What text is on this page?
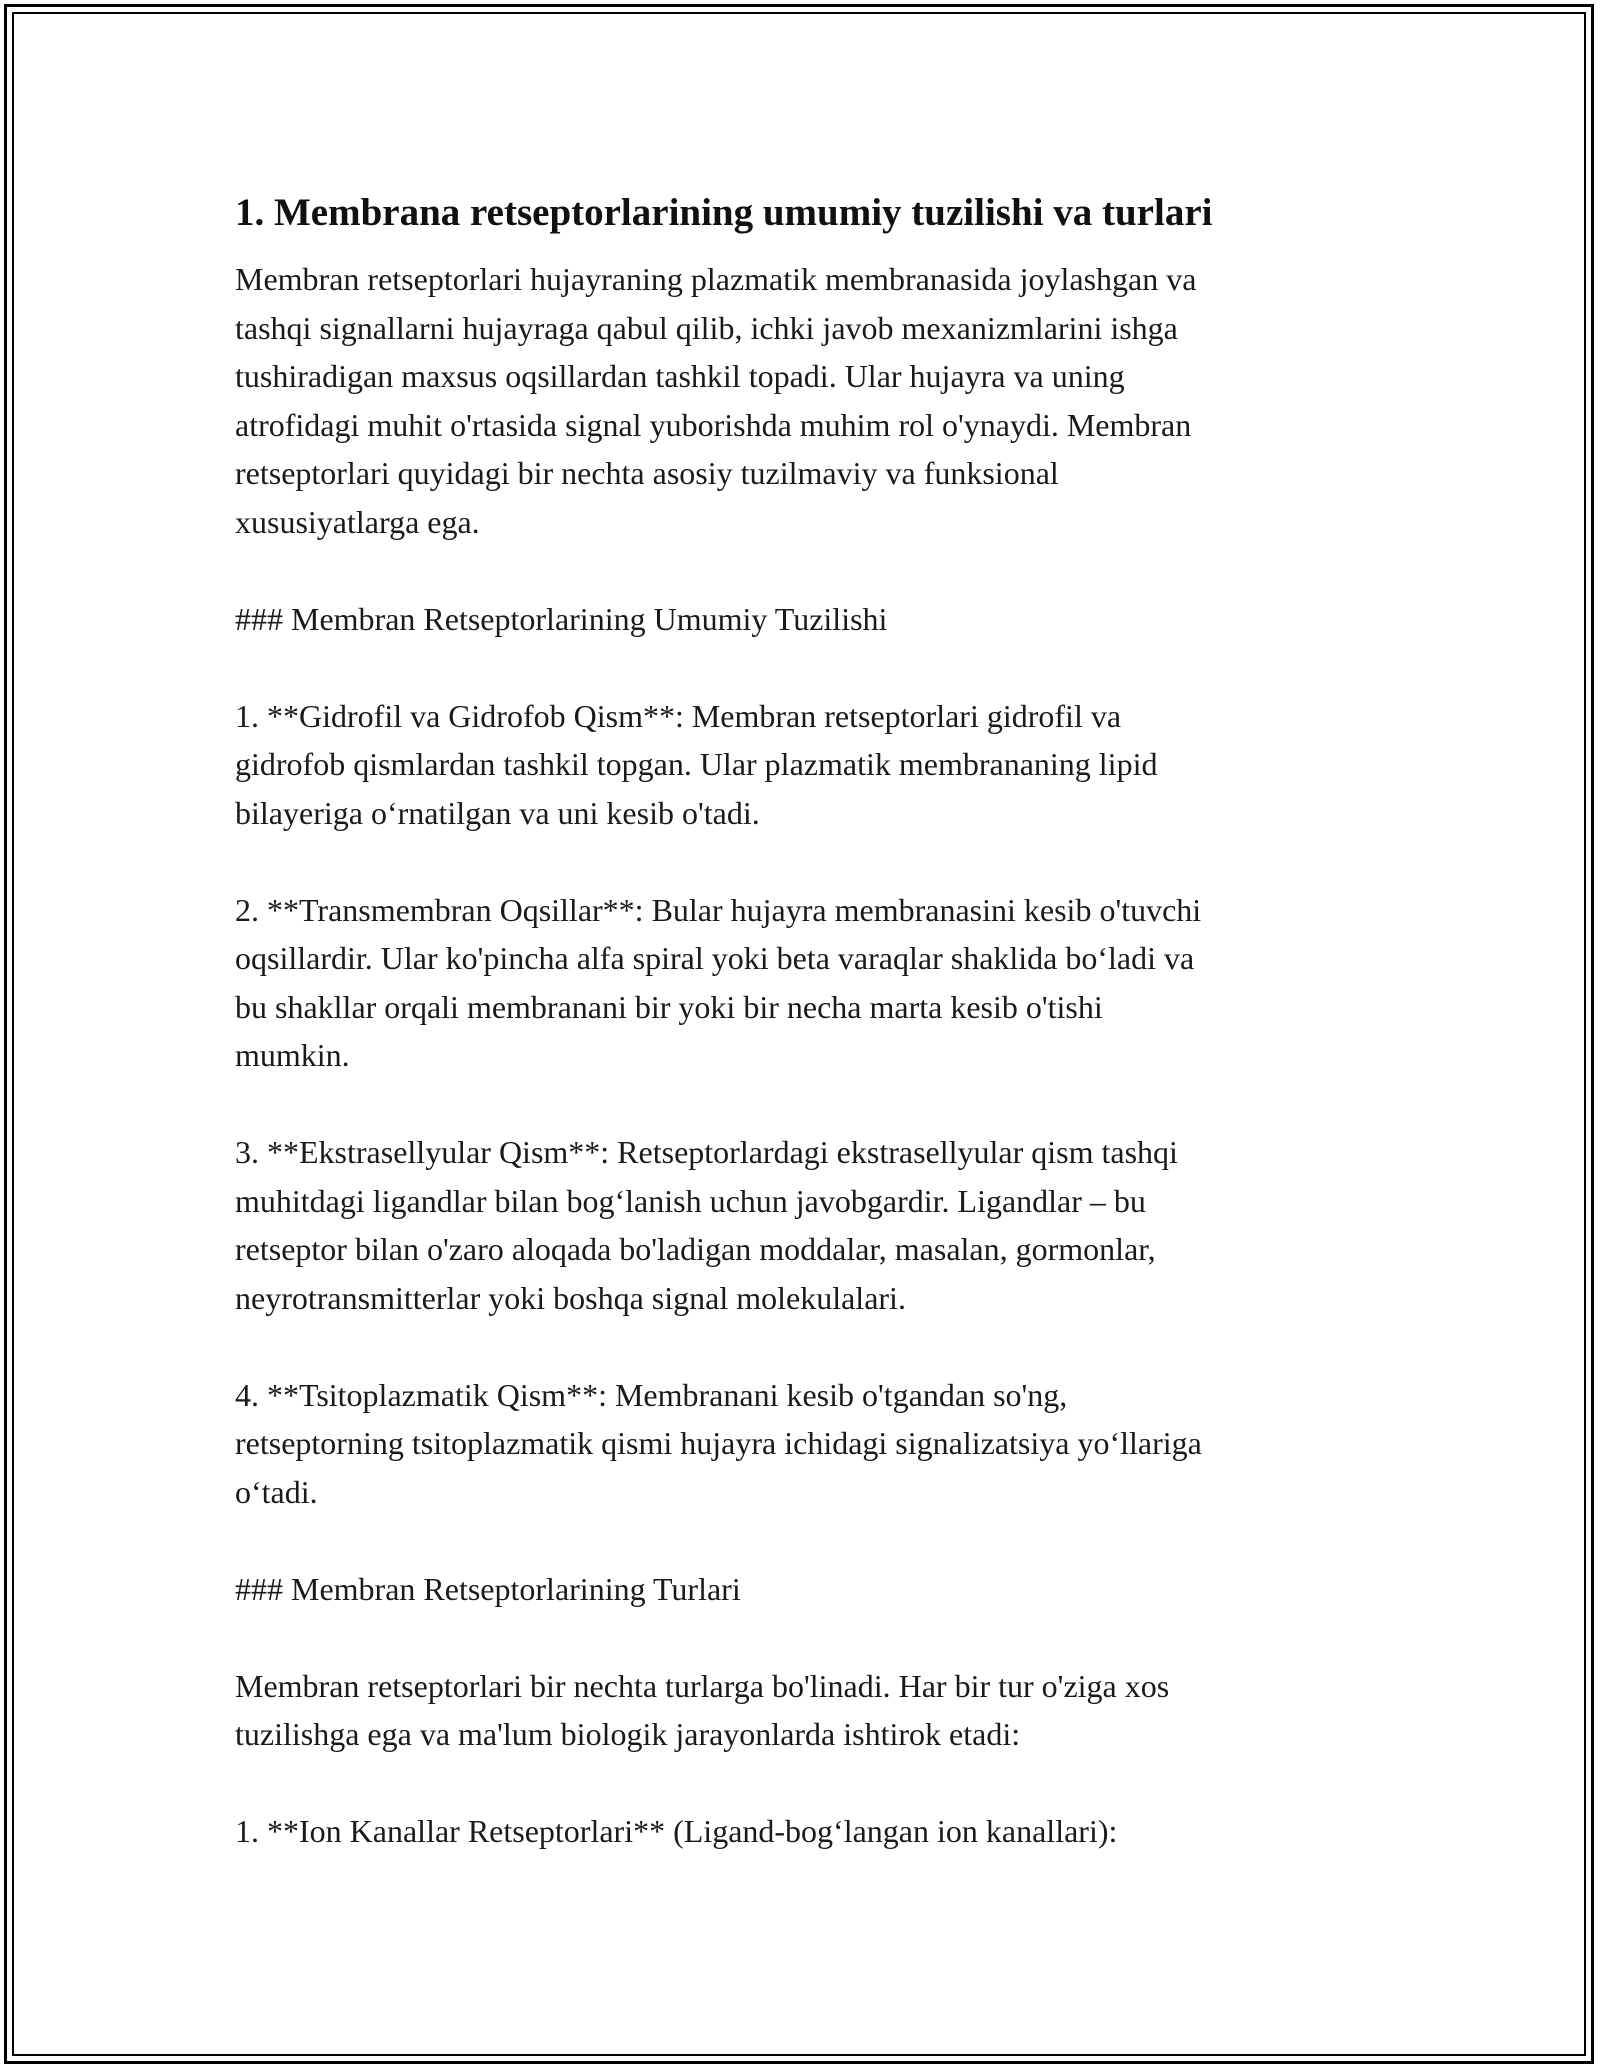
1. Membrana retseptorlarining umumiy tuzilishi va turlari

Membran retseptorlari hujayraning plazmatik membranasida joylashgan va
tashqi signallarni hujayraga qabul qilib, ichki javob mexanizmlarini ishga
tushiradigan maxsus oqsillardan tashkil topadi. Ular hujayra va uning
atrofidagi muhit o'rtasida signal yuborishda muhim rol o'ynaydi. Membran
retseptorlari quyidagi bir nechta asosiy tuzilmaviy va funksional
xususiyatlarga ega.

### Membran Retseptorlarining Umumiy Tuzilishi

1. **Gidrofil va Gidrofob Qism**: Membran retseptorlari gidrofil va
gidrofob qismlardan tashkil topgan. Ular plazmatik membrananing lipid
bilayeriga o‘rnatilgan va uni kesib o'tadi.

2. **Transmembran Oqsillar**: Bular hujayra membranasini kesib o'tuvchi
oqsillardir. Ular ko'pincha alfa spiral yoki beta varaqlar shaklida bo‘ladi va
bu shakllar orqali membranani bir yoki bir necha marta kesib o'tishi
mumkin.

3. **Ekstrasellyular Qism**: Retseptorlardagi ekstrasellyular qism tashqi
muhitdagi ligandlar bilan bog‘lanish uchun javobgardir. Ligandlar – bu
retseptor bilan o'zaro aloqada bo'ladigan moddalar, masalan, gormonlar,
neyrotransmitterlar yoki boshqa signal molekulalari.

4. **Tsitoplazmatik Qism**: Membranani kesib o'tgandan so'ng,
retseptorning tsitoplazmatik qismi hujayra ichidagi signalizatsiya yo‘llariga
o‘tadi.

### Membran Retseptorlarining Turlari

Membran retseptorlari bir nechta turlarga bo'linadi. Har bir tur o'ziga xos
tuzilishga ega va ma'lum biologik jarayonlarda ishtirok etadi:

1. **Ion Kanallar Retseptorlari** (Ligand-bog‘langan ion kanallari):
